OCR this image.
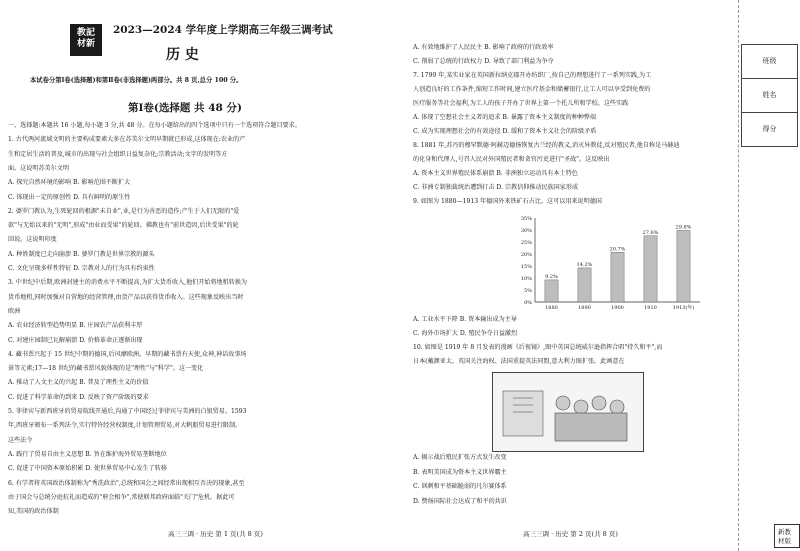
教記
材新
2023—2024 学年度上学期高三年级三调考试
历 史
本试卷分第Ⅰ卷(选择题)和第Ⅱ卷(非选择题)两部分。共 8 页,总分 100 分。
第Ⅰ卷(选择题 共 48 分)
一、选择题:本题共 16 小题,每小题 3 分,共 48 分。在每小题给出的四个选项中只有一个选项符合题目要求。
1. 古代两河流域文明的主要构成要素大多在苏美尔文明早期就已形成,这体现在:农业的产
生和定居生活的普及,城市的出现与社会组织日益复杂化;宗教活动;文字的发明等方
面。这说明苏美尔文明
A. 探究自然环境的影响 B. 影响范围不断扩大
C. 体现出一定的原创性 D. 具有鲜明的原生性
2. 婆罗门教认为,生死轮回的根源"未自业",业,是行为善恶的造作;产生于人们无限的"爱
欲"与无始以来的"无明",形成"由业而受果"的轮回。佛教也有"前世造因,后世受果"的轮
回说。这说明印度
A. 种姓制度已走向崩溃 B. 婆罗门教是世界宗教的源头
C. 文化呈现多样性特征 D. 宗教对人的行为具有约束性
3. 中世纪中后期,欧洲封建主的消费水平不断提高,为扩大货币收入,他们开始将地租转换为
货币地租,同时加强对自营地的经营管理,由货产品以获得货币收入。这些现象反映出当时
欧洲
A. 农业经济转型趋势明显 B. 庄园农产品获利丰厚
C. 对建庄园制已瓦解崩溃 D. 价格革命正逐渐出现
4. 藏书票兴起于 15 世纪中期的德国,后风靡欧洲。早期的藏书票有天使,众神,神话故事场
景等元素;17—18 世纪的藏书票风貌体现的是"理性"与"科学"。这一变化
A. 推动了人文主义的兴起 B. 普及了理性主义的价值
C. 促进了科学革命的到来 D. 反映了资产阶级的要求
5. 菲律宾与新西班牙的贸易航线开通后,沟通了中国经过菲律宾与美洲的白银贸易。1593
年,西班牙颁布一系列法令,实行特许经营权制度,计划管理贸易,对大帆船贸易进行限制。
这些法令
A. 践行了贸易自由主义思想 B. 旨在维护海外贸易垄断地位
C. 促进了中国资本原始积累 D. 使世界贸易中心发生了转移
6. 有学者将英国政治体制称为"秀洗政治",总统和国会之间经常出现相互否决的现象,甚至
由于国会与总统分庭抗礼而造成的"府会相争",常使联邦政府面临"关门"危机。据此可
知,美国的政治体制
高三三调 · 历史 第 1 页(共 8 页)
A. 有效地维护了人民民主 B. 影响了政府的行政效率
C. 削弱了总统的行政权力 D. 导致了部门利益为争夺
7. 1799 年,某实业家在英国新拉纳克郡开办纺织厂,按自己的理想进行了一系列实践,为工
人创造良好的工作条件,缩短工作时间,建立医疗基金和储蓄银行,让工人可以享受到免费的
医疗服务等社会福利,为工人的孩子开办了世界上第一个托儿所和学校。这些实践
A. 体现了空想社会主义者的追求 B. 暴露了资本主义制度的种种弊端
C. 成为实现理想社会的有效途径 D. 缓和了资本主义社会的阶级矛盾
8. 1881 年,苏丹的穆罕默德·阿赫迈德扬恢复古兰经的教义,消灭异教徒,反对殖民者,他自称是马赫迪
的化身和代理人,号召人民对外国殖民者和贪官污吏进行"圣战"。这反映出
A. 资本主义世界殖民体系崩溃 B. 非洲独立运动具有本土特色
C. 非洲专制独裁统治遭到打击 D. 宗教信仰推动民族国家形成
9. 如图为 1880—1913 年德国外来铁矿石占比。这可以用来说明德国
0%
5%
10%
15%
20%
25%
30%
35%
9.2%
1880
14.2%
1890
20.7%
1900
27.6%
1910
29.8%
1913(年)
A. 工业水平下降 B. 资本输出成为主导
C. 海外市场扩大 D. 殖民争夺日益激烈
10. 如图是 1919 年 8 月发表的漫画《后视镜》,图中英国总统威尔逊指挥合唱"持久和平",而
日本(戴颜亚太、英国关注海权、法国重提英法同盟,意大利力图扩张。此画意在
A. 揭示战后殖民扩张方式发生改变
B. 表明美国成为资本主义世界霸主
C. 讽刺和平基础脆弱的凡尔赛体系
D. 赞扬国际社会达成了和平的共识
高三三调 · 历史 第 2 页(共 8 页)
班级
姓名
得分
新教材版
